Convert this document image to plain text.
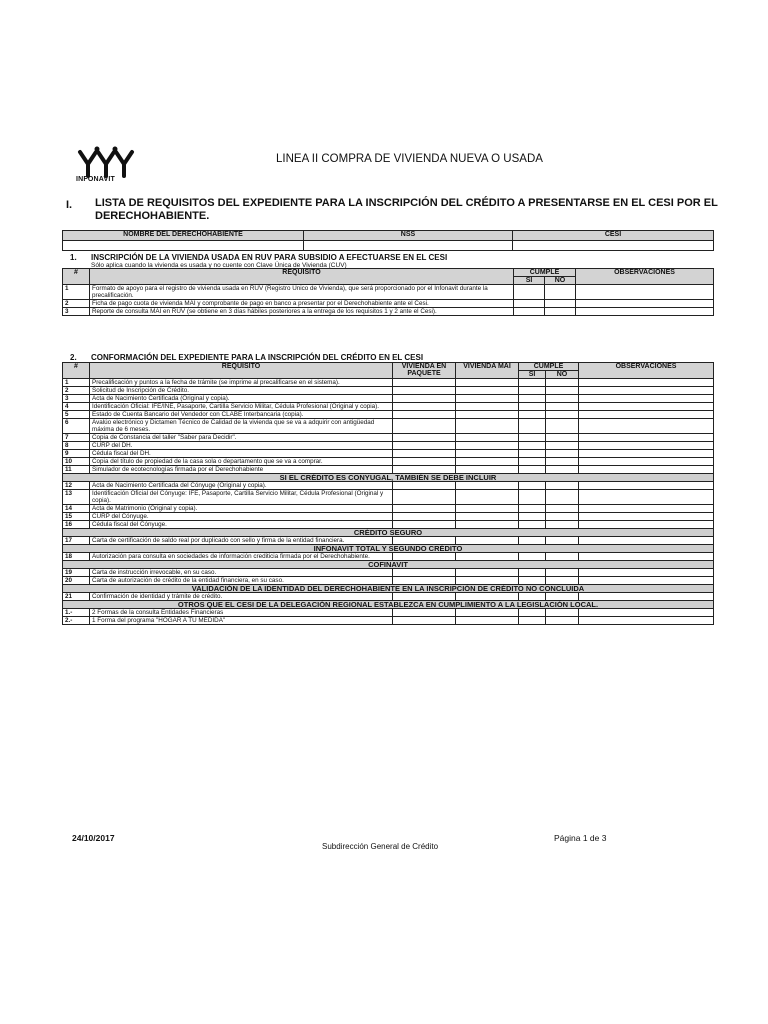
INFONAVIT
LINEA II COMPRA DE VIVIENDA NUEVA O USADA
I. LISTA DE REQUISITOS DEL EXPEDIENTE PARA LA INSCRIPCIÓN DEL CRÉDITO A PRESENTARSE EN EL CESI POR EL DERECHOHABIENTE.
NOMBRE DEL DERECHOHABIENTE	NSS	CESI

1. INSCRIPCIÓN DE LA VIVIENDA USADA EN RUV PARA SUBSIDIO A EFECTUARSE EN EL CESI
Sólo aplica cuando la vivienda es usada y no cuente con Clave Única de Vivienda (CUV)
#	REQUISITO	CUMPLE		OBSERVACIONES
		SI	NO	
1	Formato de apoyo para el registro de vivienda usada en RUV (Registro Único de Vivienda), que será proporcionado por el Infonavit durante la precalificación.			
2	Ficha de pago cuota de vivienda MAI y comprobante de pago en banco a presentar por el Derechohabiente ante el Cesi.			
3	Reporte de consulta MAI en RUV (se obtiene en 3 días hábiles posteriores a la entrega de los requisitos 1 y 2 ante el Cesi).			
2. CONFORMACIÓN DEL EXPEDIENTE PARA LA INSCRIPCIÓN DEL CRÉDITO EN EL CESI
#	REQUISITO	VIVIENDA EN PAQUETE	VIVIENDA MAI	CUMPLE		OBSERVACIONES
				SI	NO	
1	Precalificación y puntos a la fecha de trámite (se imprime al precalificarse en el sistema).					
2	Solicitud de Inscripción de Crédito.					
3	Acta de Nacimiento Certificada (Original y copia).					
4	Identificación Oficial: IFE/INE, Pasaporte, Cartilla Servicio Militar, Cédula Profesional (Original y copia).					
5	Estado de Cuenta Bancario del Vendedor con CLABE Interbancaria (copia).					
6	Avalúo electrónico y Dictamen Técnico de Calidad de la vivienda que se va a adquirir con antigüedad máxima de 6 meses.					
7	Copia de Constancia del taller "Saber para Decidir".					
8	CURP del DH.					
9	Cédula fiscal del DH.					
10	Copia del título de propiedad de la casa sola o departamento que se va a comprar.					
11	Simulador de ecotecnologías firmada por el Derechohabiente					
SI EL CRÉDITO ES CONYUGAL, TAMBIÉN SE DEBE INCLUIR						
12	Acta de Nacimiento Certificada del Cónyuge (Original y copia).					
13	Identificación Oficial del Cónyuge: IFE, Pasaporte, Cartilla Servicio Militar, Cédula Profesional (Original y copia).					
14	Acta de Matrimonio (Original y copia).					
15	CURP del Cónyuge.					
16	Cédula fiscal del Cónyuge.					
CRÉDITO SEGURO						
17	Carta de certificación de saldo real por duplicado con sello y firma de la entidad financiera.					
INFONAVIT TOTAL Y SEGUNDO CRÉDITO						
18	Autorización para consulta en sociedades de información crediticia firmada por el Derechohabiente.					
COFINAVIT						
19	Carta de instrucción irrevocable, en su caso.					
20	Carta de autorización de crédito de la entidad financiera, en su caso.					
VALIDACIÓN DE LA IDENTIDAD DEL DERECHOHABIENTE EN LA INSCRIPCIÓN DE CRÉDITO NO CONCLUIDA						
21	Confirmación de identidad y trámite de crédito.					
OTROS QUE EL CESI DE LA DELEGACIÓN REGIONAL ESTABLEZCA EN CUMPLIMIENTO A LA LEGISLACIÓN LOCAL.						
1.-	2 Formas de la consulta Entidades Financieras					
2.-	1 Forma del programa "HOGAR A TU MEDIDA"					
24/10/2017
Subdirección General de Crédito
Página 1 de 3
